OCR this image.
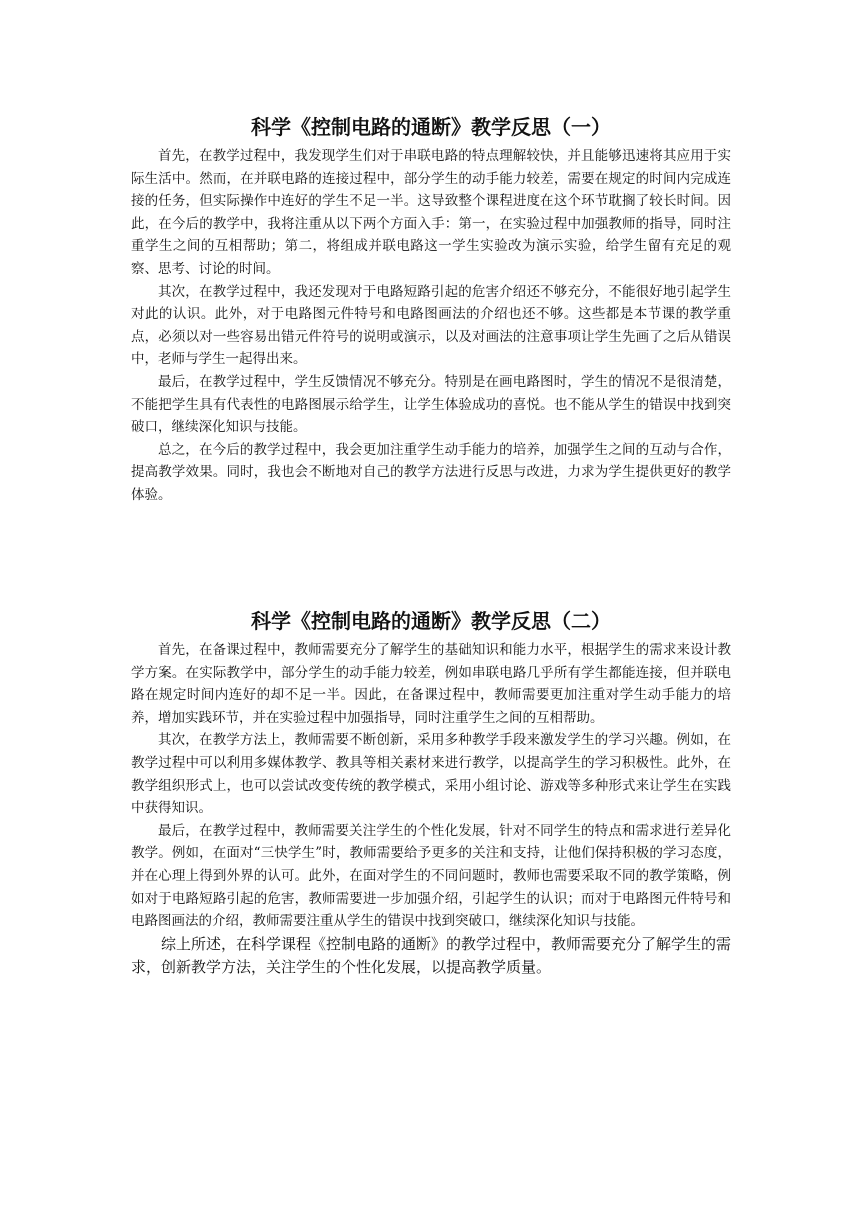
科学《控制电路的通断》教学反思（一）

首先，在教学过程中，我发现学生们对于串联电路的特点理解较快，并且能够迅速将其应用于实际生活中。然而，在并联电路的连接过程中，部分学生的动手能力较差，需要在规定的时间内完成连接的任务，但实际操作中连好的学生不足一半。这导致整个课程进度在这个环节耽搁了较长时间。因此，在今后的教学中，我将注重从以下两个方面入手：第一，在实验过程中加强教师的指导，同时注重学生之间的互相帮助；第二，将组成并联电路这一学生实验改为演示实验，给学生留有充足的观察、思考、讨论的时间。

其次，在教学过程中，我还发现对于电路短路引起的危害介绍还不够充分，不能很好地引起学生对此的认识。此外，对于电路图元件特号和电路图画法的介绍也还不够。这些都是本节课的教学重点，必须以对一些容易出错元件符号的说明或演示，以及对画法的注意事项让学生先画了之后从错误中，老师与学生一起得出来。

最后，在教学过程中，学生反馈情况不够充分。特别是在画电路图时，学生的情况不是很清楚，不能把学生具有代表性的电路图展示给学生，让学生体验成功的喜悦。也不能从学生的错误中找到突破口，继续深化知识与技能。

总之，在今后的教学过程中，我会更加注重学生动手能力的培养，加强学生之间的互动与合作，提高教学效果。同时，我也会不断地对自己的教学方法进行反思与改进，力求为学生提供更好的教学体验。

科学《控制电路的通断》教学反思（二）

首先，在备课过程中，教师需要充分了解学生的基础知识和能力水平，根据学生的需求来设计教学方案。在实际教学中，部分学生的动手能力较差，例如串联电路几乎所有学生都能连接，但并联电路在规定时间内连好的却不足一半。因此，在备课过程中，教师需要更加注重对学生动手能力的培养，增加实践环节，并在实验过程中加强指导，同时注重学生之间的互相帮助。

其次，在教学方法上，教师需要不断创新，采用多种教学手段来激发学生的学习兴趣。例如，在教学过程中可以利用多媒体教学、教具等相关素材来进行教学，以提高学生的学习积极性。此外，在教学组织形式上，也可以尝试改变传统的教学模式，采用小组讨论、游戏等多种形式来让学生在实践中获得知识。

最后，在教学过程中，教师需要关注学生的个性化发展，针对不同学生的特点和需求进行差异化教学。例如，在面对“三快学生”时，教师需要给予更多的关注和支持，让他们保持积极的学习态度，并在心理上得到外界的认可。此外，在面对学生的不同问题时，教师也需要采取不同的教学策略，例如对于电路短路引起的危害，教师需要进一步加强介绍，引起学生的认识；而对于电路图元件特号和电路图画法的介绍，教师需要注重从学生的错误中找到突破口，继续深化知识与技能。

综上所述，在科学课程《控制电路的通断》的教学过程中，教师需要充分了解学生的需求，创新教学方法，关注学生的个性化发展，以提高教学质量。
